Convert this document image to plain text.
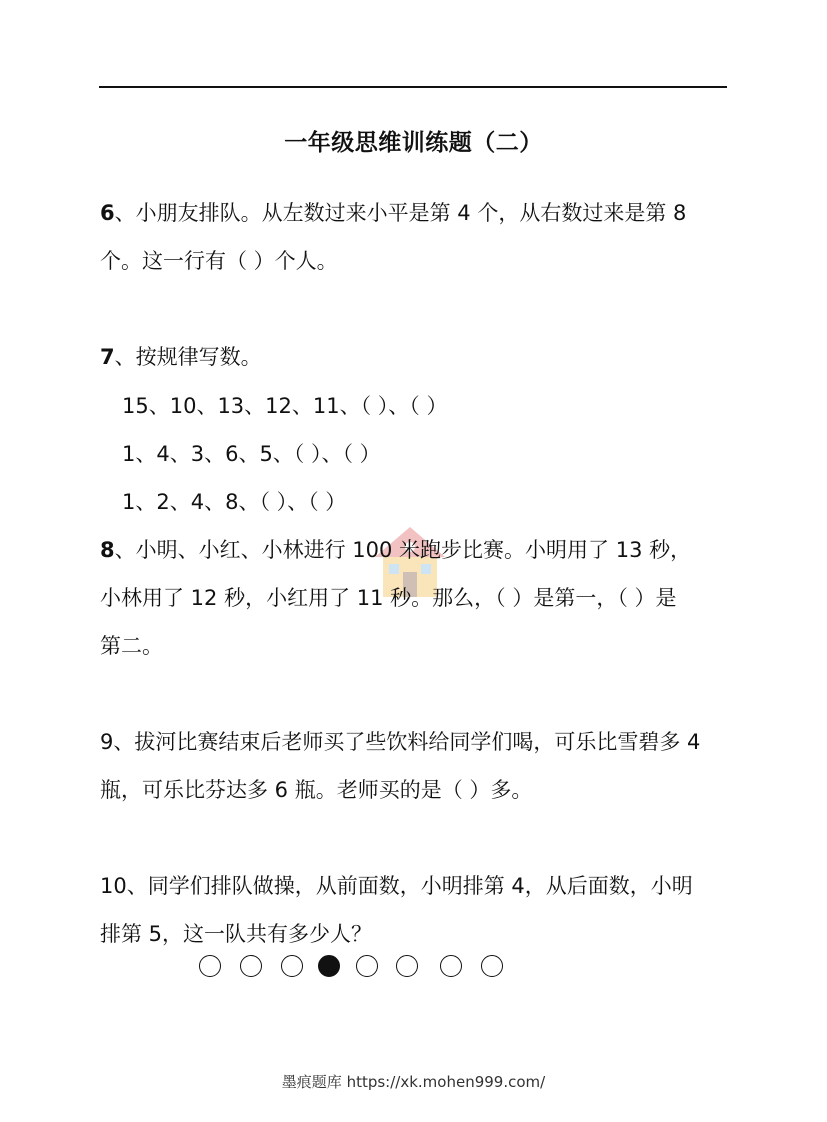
一年级思维训练题（二）
6、小朋友排队。从左数过来小平是第 4 个，从右数过来是第 8
个。这一行有（ ）个人。
7、按规律写数。
15、10、13、12、11、（ ）、（ ）
1、4、3、6、5、（ ）、（ ）
1、2、4、8、（ ）、（ ）
8、小明、小红、小林进行 100 米跑步比赛。小明用了 13 秒，
小林用了 12 秒，小红用了 11 秒。那么，（ ）是第一，（ ）是
第二。
9、拔河比赛结束后老师买了些饮料给同学们喝，可乐比雪碧多 4
瓶，可乐比芬达多 6 瓶。老师买的是（ ）多。
10、同学们排队做操，从前面数，小明排第 4，从后面数，小明
排第 5，这一队共有多少人？
墨痕题库 https://xk.mohen999.com/
